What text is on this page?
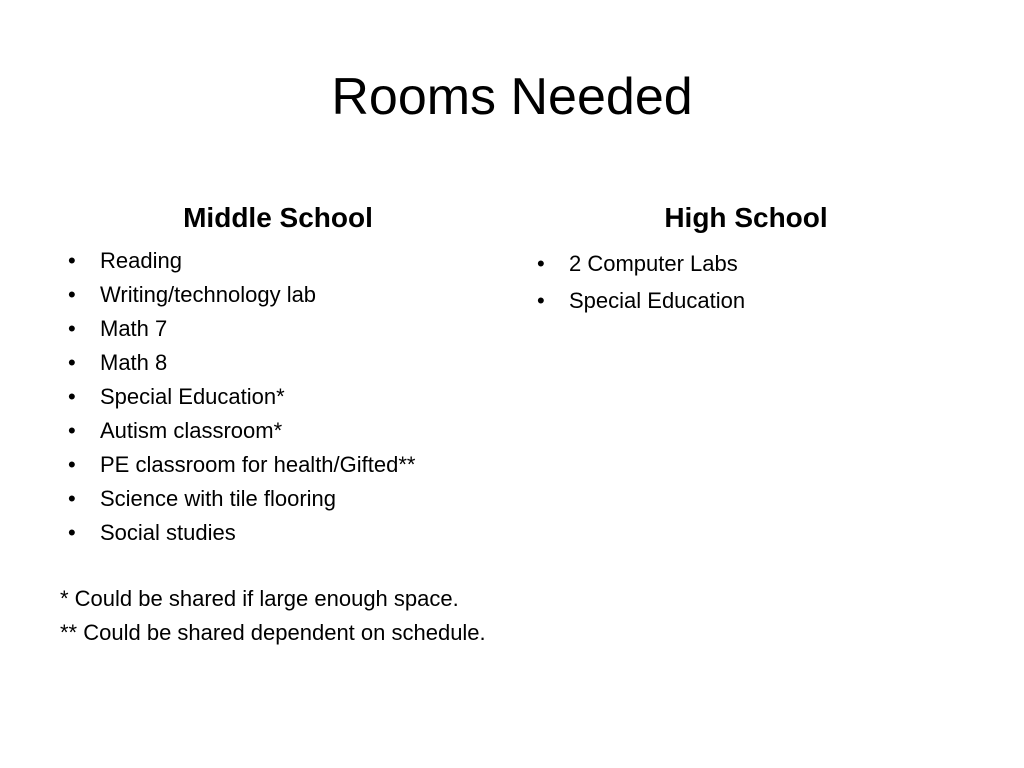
Rooms Needed
Middle School	High School
• Reading
• Writing/technology lab
• Math 7
• Math 8
• Special Education*
• Autism classroom*
• PE classroom for health/Gifted**
• Science with tile flooring
• Social studies
* Could be shared if large enough space.
** Could be shared dependent on schedule.
• 2 Computer Labs
• Special Education
